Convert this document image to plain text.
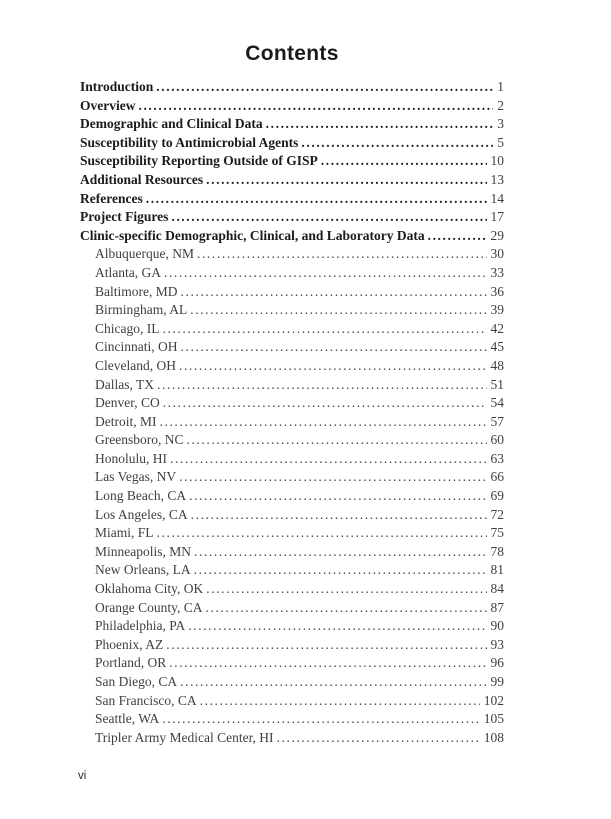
Contents
Introduction .....	1
Overview .....	2
Demographic and Clinical Data .....	3
Susceptibility to Antimicrobial Agents .....	5
Susceptibility Reporting Outside of GISP .....	10
Additional Resources .....	13
References .....	14
Project Figures .....	17
Clinic-specific Demographic, Clinical, and Laboratory Data .....	29
Albuquerque, NM .....	30
Atlanta, GA .....	33
Baltimore, MD .....	36
Birmingham, AL .....	39
Chicago, IL .....	42
Cincinnati, OH .....	45
Cleveland, OH .....	48
Dallas, TX .....	51
Denver, CO .....	54
Detroit, MI .....	57
Greensboro, NC .....	60
Honolulu, HI .....	63
Las Vegas, NV .....	66
Long Beach, CA .....	69
Los Angeles, CA .....	72
Miami, FL .....	75
Minneapolis, MN .....	78
New Orleans, LA .....	81
Oklahoma City, OK .....	84
Orange County, CA .....	87
Philadelphia, PA .....	90
Phoenix, AZ .....	93
Portland, OR .....	96
San Diego, CA .....	99
San Francisco, CA .....	102
Seattle, WA .....	105
Tripler Army Medical Center, HI .....	108
vi
